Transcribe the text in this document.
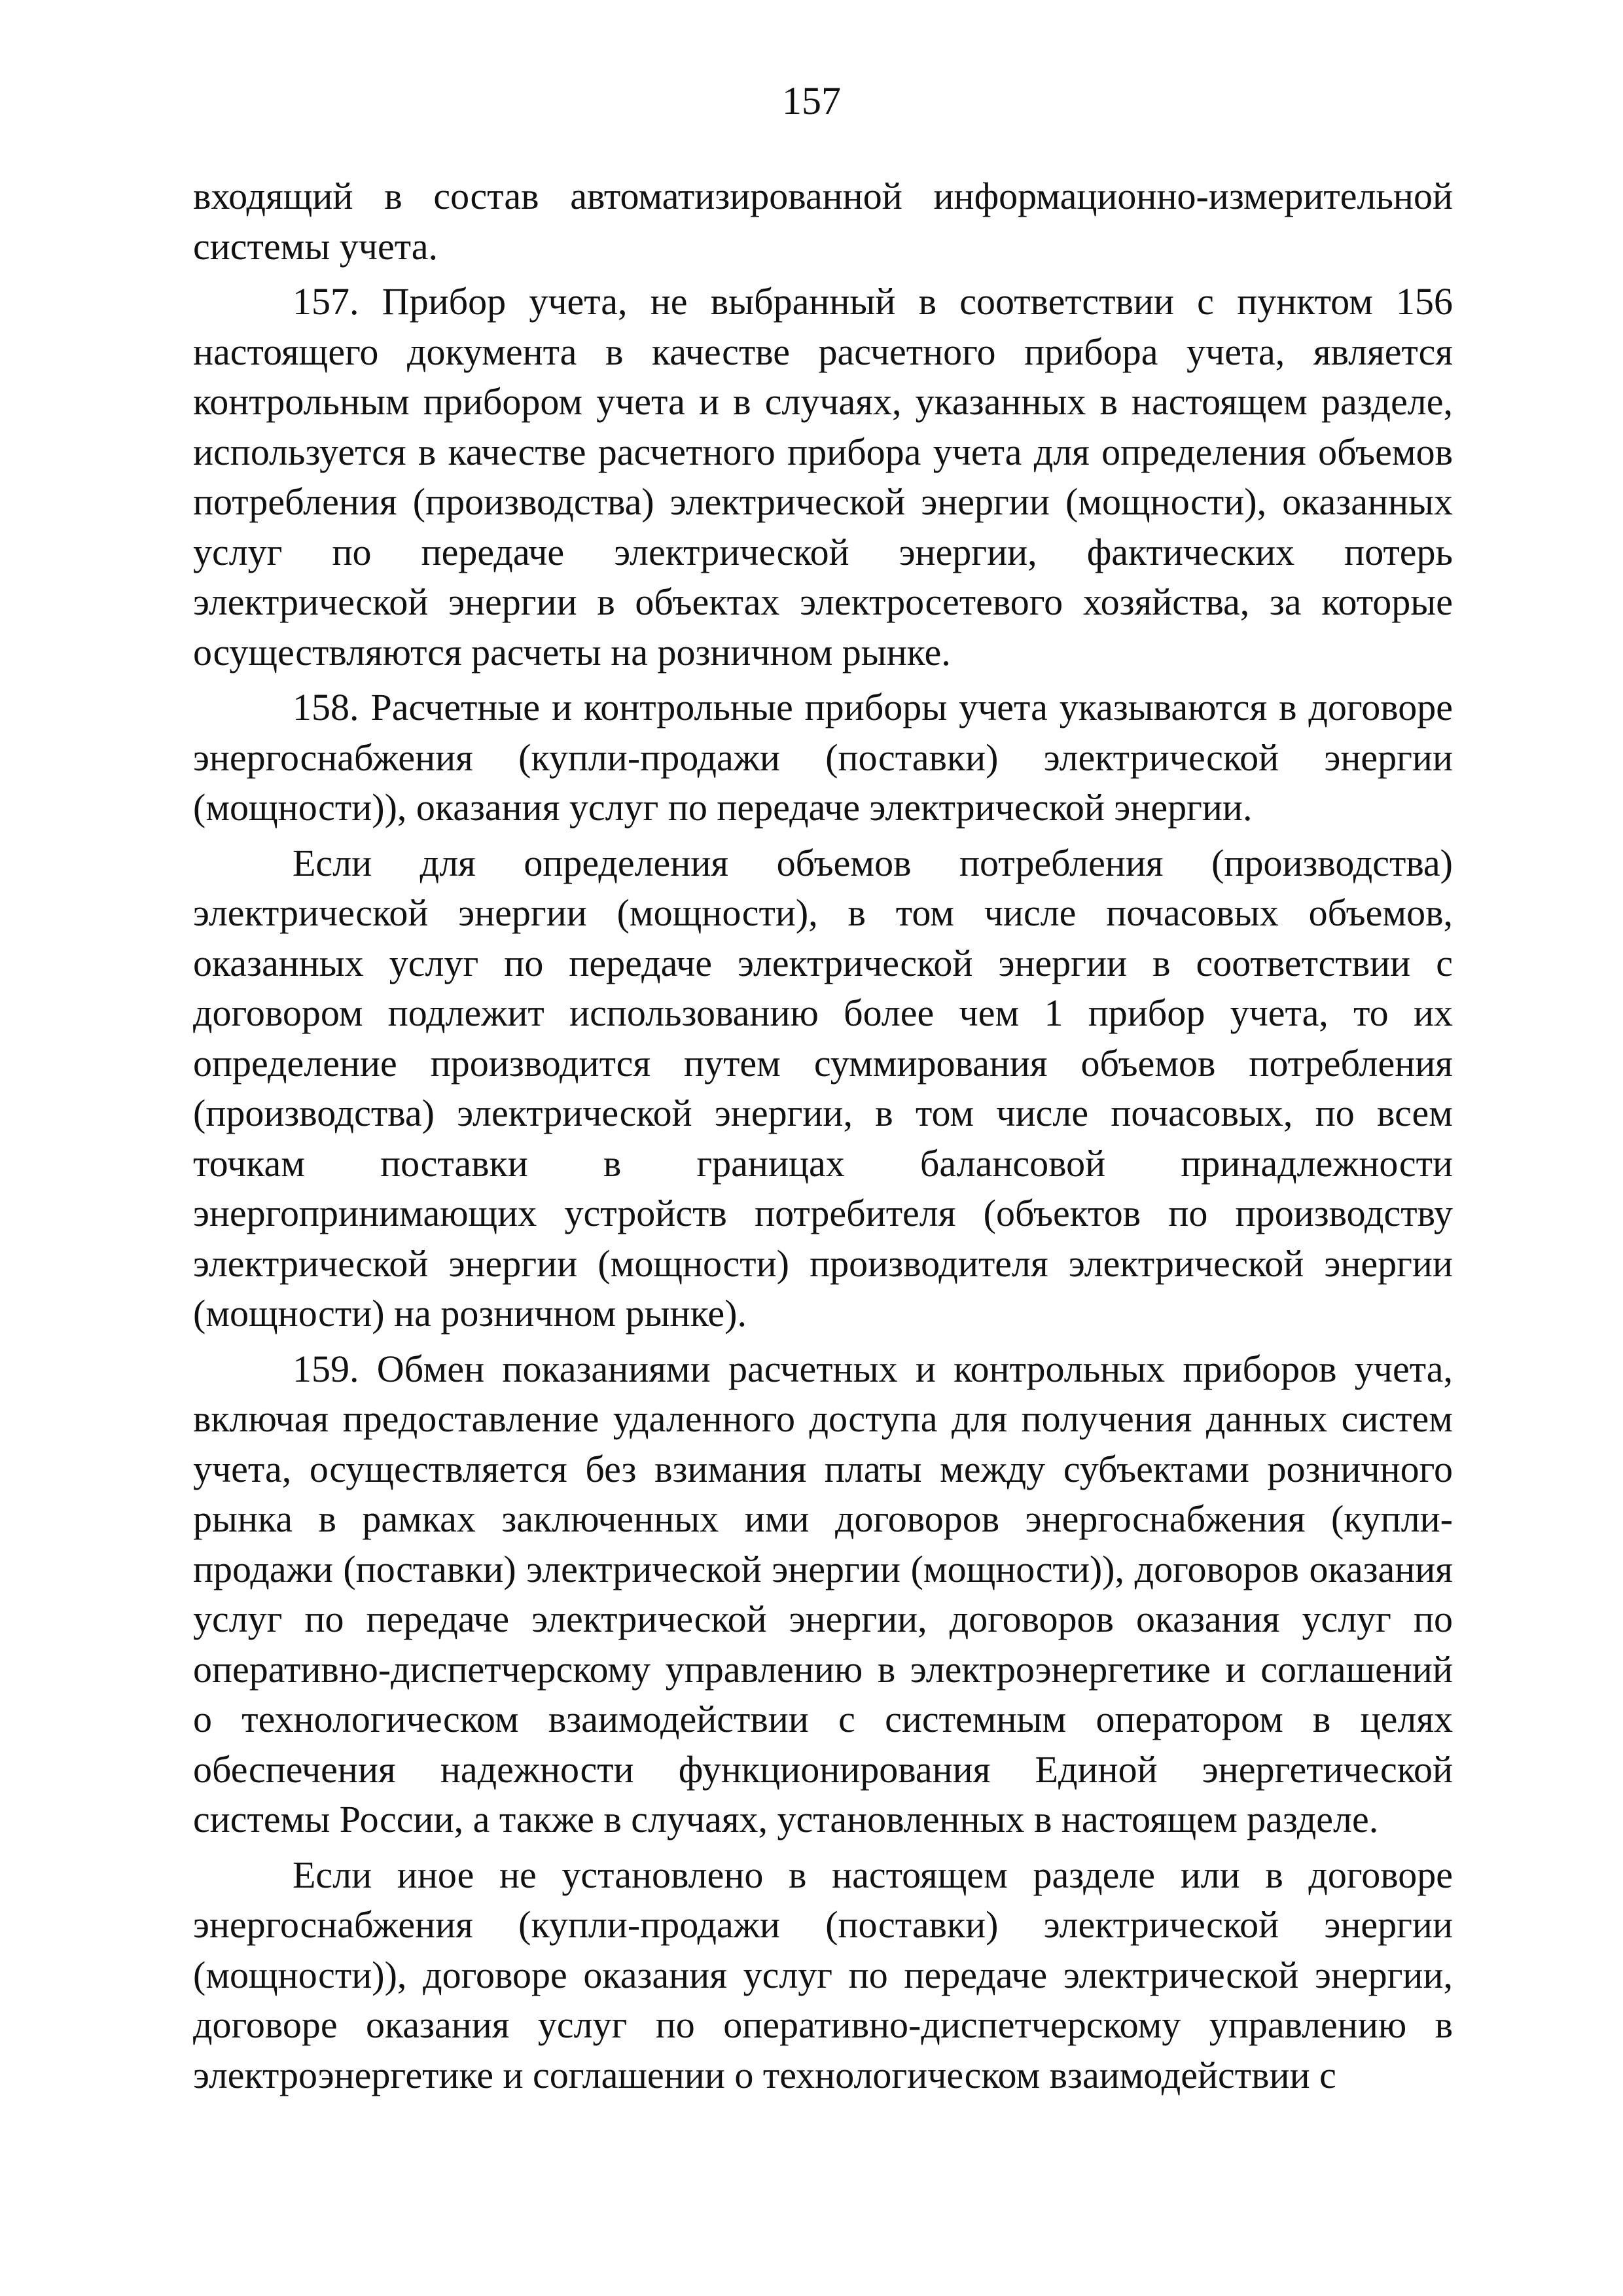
157

входящий в состав автоматизированной информационно-измерительной системы учета.

157. Прибор учета, не выбранный в соответствии с пунктом 156 настоящего документа в качестве расчетного прибора учета, является контрольным прибором учета и в случаях, указанных в настоящем разделе, используется в качестве расчетного прибора учета для определения объемов потребления (производства) электрической энергии (мощности), оказанных услуг по передаче электрической энергии, фактических потерь электрической энергии в объектах электросетевого хозяйства, за которые осуществляются расчеты на розничном рынке.

158. Расчетные и контрольные приборы учета указываются в договоре энергоснабжения (купли-продажи (поставки) электрической энергии (мощности)), оказания услуг по передаче электрической энергии.

Если для определения объемов потребления (производства) электрической энергии (мощности), в том числе почасовых объемов, оказанных услуг по передаче электрической энергии в соответствии с договором подлежит использованию более чем 1 прибор учета, то их определение производится путем суммирования объемов потребления (производства) электрической энергии, в том числе почасовых, по всем точкам поставки в границах балансовой принадлежности энергопринимающих устройств потребителя (объектов по производству электрической энергии (мощности) производителя электрической энергии (мощности) на розничном рынке).

159. Обмен показаниями расчетных и контрольных приборов учета, включая предоставление удаленного доступа для получения данных систем учета, осуществляется без взимания платы между субъектами розничного рынка в рамках заключенных ими договоров энергоснабжения (купли-продажи (поставки) электрической энергии (мощности)), договоров оказания услуг по передаче электрической энергии, договоров оказания услуг по оперативно-диспетчерскому управлению в электроэнергетике и соглашений о технологическом взаимодействии с системным оператором в целях обеспечения надежности функционирования Единой энергетической системы России, а также в случаях, установленных в настоящем разделе.

Если иное не установлено в настоящем разделе или в договоре энергоснабжения (купли-продажи (поставки) электрической энергии (мощности)), договоре оказания услуг по передаче электрической энергии, договоре оказания услуг по оперативно-диспетчерскому управлению в электроэнергетике и соглашении о технологическом взаимодействии с
